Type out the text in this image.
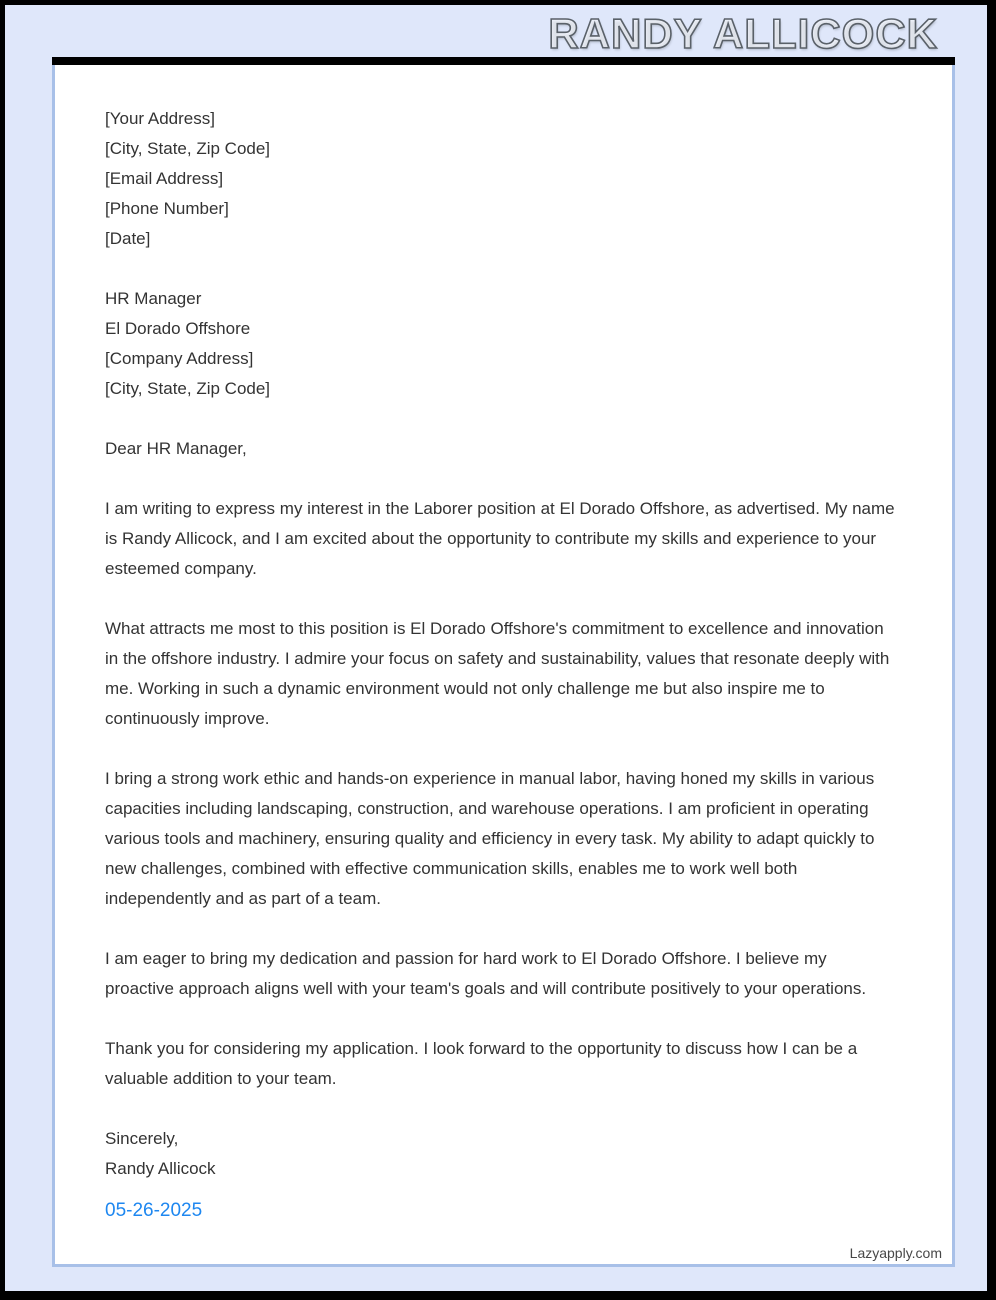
RANDY ALLICOCK
[Your Address]
[City, State, Zip Code]
[Email Address]
[Phone Number]
[Date]
HR Manager
El Dorado Offshore
[Company Address]
[City, State, Zip Code]

Dear HR Manager,

I am writing to express my interest in the Laborer position at El Dorado Offshore, as advertised. My name is Randy Allicock, and I am excited about the opportunity to contribute my skills and experience to your esteemed company.

What attracts me most to this position is El Dorado Offshore's commitment to excellence and innovation in the offshore industry. I admire your focus on safety and sustainability, values that resonate deeply with me. Working in such a dynamic environment would not only challenge me but also inspire me to continuously improve.

I bring a strong work ethic and hands-on experience in manual labor, having honed my skills in various capacities including landscaping, construction, and warehouse operations. I am proficient in operating various tools and machinery, ensuring quality and efficiency in every task. My ability to adapt quickly to new challenges, combined with effective communication skills, enables me to work well both independently and as part of a team.

I am eager to bring my dedication and passion for hard work to El Dorado Offshore. I believe my proactive approach aligns well with your team's goals and will contribute positively to your operations.

Thank you for considering my application. I look forward to the opportunity to discuss how I can be a valuable addition to your team.

Sincerely,
Randy Allicock
05-26-2025
Lazyapply.com
